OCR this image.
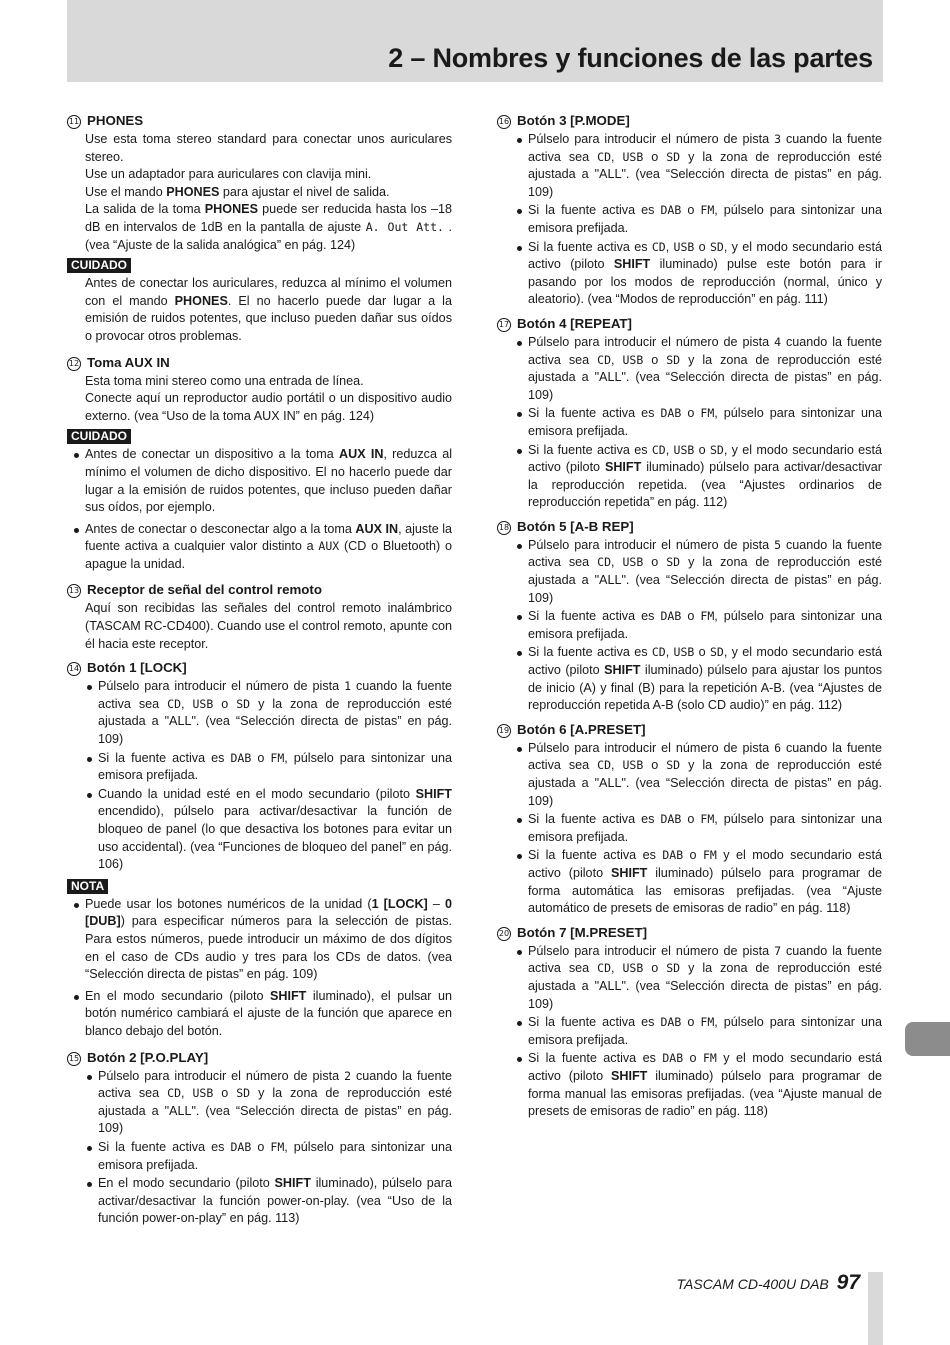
2 – Nombres y funciones de las partes
11 PHONES

Use esta toma stereo standard para conectar unos auriculares stereo.

Use un adaptador para auriculares con clavija mini.

Use el mando PHONES para ajustar el nivel de salida.

La salida de la toma PHONES puede ser reducida hasta los –18 dB en intervalos de 1dB en la pantalla de ajuste A. Out Att. . (vea “Ajuste de la salida analógica” en pág. 124)

CUIDADO

Antes de conectar los auriculares, reduzca al mínimo el volumen con el mando PHONES. El no hacerlo puede dar lugar a la emisión de ruidos potentes, que incluso pueden dañar sus oídos o provocar otros problemas.

12 Toma AUX IN

Esta toma mini stereo como una entrada de línea.

Conecte aquí un reproductor audio portátil o un dispositivo audio externo. (vea “Uso de la toma AUX IN” en pág. 124)

CUIDADO
Antes de conectar un dispositivo a la toma AUX IN, reduzca al mínimo el volumen de dicho dispositivo. El no hacerlo puede dar lugar a la emisión de ruidos potentes, que incluso pueden dañar sus oídos, por ejemplo.
Antes de conectar o desconectar algo a la toma AUX IN, ajuste la fuente activa a cualquier valor distinto a AUX (CD o Bluetooth) o apague la unidad.
13 Receptor de señal del control remoto

Aquí son recibidas las señales del control remoto inalámbrico (TASCAM RC-CD400). Cuando use el control remoto, apunte con él hacia este receptor.

14 Botón 1 [LOCK]
Púlselo para introducir el número de pista 1 cuando la fuente activa sea CD, USB o SD y la zona de reproducción esté ajustada a "ALL". (vea “Selección directa de pistas” en pág. 109)
Si la fuente activa es DAB o FM, púlselo para sintonizar una emisora prefijada.
Cuando la unidad esté en el modo secundario (piloto SHIFT encendido), púlselo para activar/desactivar la función de bloqueo de panel (lo que desactiva los botones para evitar un uso accidental). (vea “Funciones de bloqueo del panel” en pág. 106)
NOTA
Puede usar los botones numéricos de la unidad (1 [LOCK] – 0 [DUB]) para especificar números para la selección de pistas. Para estos números, puede introducir un máximo de dos dígitos en el caso de CDs audio y tres para los CDs de datos. (vea “Selección directa de pistas” en pág. 109)
En el modo secundario (piloto SHIFT iluminado), el pulsar un botón numérico cambiará el ajuste de la función que aparece en blanco debajo del botón.
15 Botón 2 [P.O.PLAY]
Púlselo para introducir el número de pista 2 cuando la fuente activa sea CD, USB o SD y la zona de reproducción esté ajustada a "ALL". (vea “Selección directa de pistas” en pág. 109)
Si la fuente activa es DAB o FM, púlselo para sintonizar una emisora prefijada.
En el modo secundario (piloto SHIFT iluminado), púlselo para activar/desactivar la función power-on-play. (vea “Uso de la función power-on-play” en pág. 113)
16 Botón 3 [P.MODE]
Púlselo para introducir el número de pista 3 cuando la fuente activa sea CD, USB o SD y la zona de reproducción esté ajustada a "ALL". (vea “Selección directa de pistas” en pág. 109)
Si la fuente activa es DAB o FM, púlselo para sintonizar una emisora prefijada.
Si la fuente activa es CD, USB o SD, y el modo secundario está activo (piloto SHIFT iluminado) pulse este botón para ir pasando por los modos de reproducción (normal, único y aleatorio). (vea “Modos de reproducción” en pág. 111)
17 Botón 4 [REPEAT]
Púlselo para introducir el número de pista 4 cuando la fuente activa sea CD, USB o SD y la zona de reproducción esté ajustada a "ALL". (vea “Selección directa de pistas” en pág. 109)
Si la fuente activa es DAB o FM, púlselo para sintonizar una emisora prefijada.
Si la fuente activa es CD, USB o SD, y el modo secundario está activo (piloto SHIFT iluminado) púlselo para activar/desactivar la reproducción repetida. (vea “Ajustes ordinarios de reproducción repetida” en pág. 112)
18 Botón 5 [A-B REP]
Púlselo para introducir el número de pista 5 cuando la fuente activa sea CD, USB o SD y la zona de reproducción esté ajustada a "ALL". (vea “Selección directa de pistas” en pág. 109)
Si la fuente activa es DAB o FM, púlselo para sintonizar una emisora prefijada.
Si la fuente activa es CD, USB o SD, y el modo secundario está activo (piloto SHIFT iluminado) púlselo para ajustar los puntos de inicio (A) y final (B) para la repetición A-B. (vea “Ajustes de reproducción repetida A-B (solo CD audio)” en pág. 112)
19 Botón 6 [A.PRESET]
Púlselo para introducir el número de pista 6 cuando la fuente activa sea CD, USB o SD y la zona de reproducción esté ajustada a "ALL". (vea “Selección directa de pistas” en pág. 109)
Si la fuente activa es DAB o FM, púlselo para sintonizar una emisora prefijada.
Si la fuente activa es DAB o FM y el modo secundario está activo (piloto SHIFT iluminado) púlselo para programar de forma automática las emisoras prefijadas. (vea “Ajuste automático de presets de emisoras de radio” en pág. 118)
20 Botón 7 [M.PRESET]
Púlselo para introducir el número de pista 7 cuando la fuente activa sea CD, USB o SD y la zona de reproducción esté ajustada a "ALL". (vea “Selección directa de pistas” en pág. 109)
Si la fuente activa es DAB o FM, púlselo para sintonizar una emisora prefijada.
Si la fuente activa es DAB o FM y el modo secundario está activo (piloto SHIFT iluminado) púlselo para programar de forma manual las emisoras prefijadas. (vea “Ajuste manual de presets de emisoras de radio” en pág. 118)
TASCAM CD-400U DAB 97
